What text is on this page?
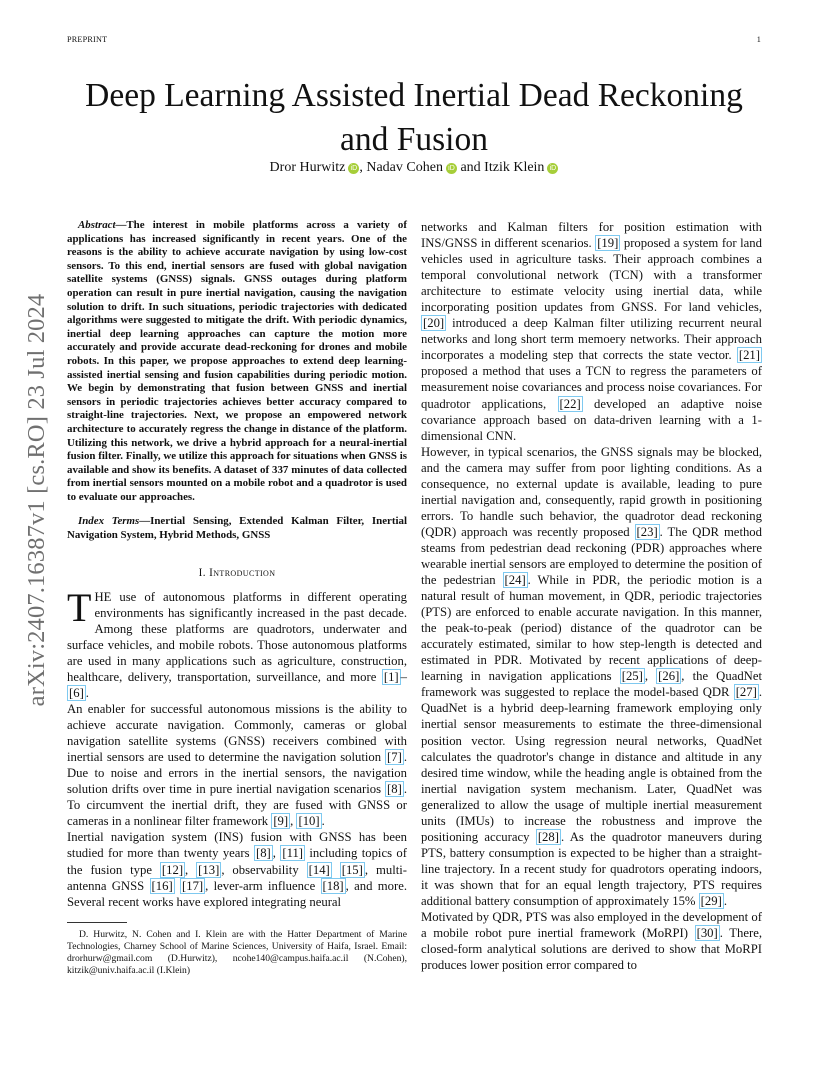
PREPRINT	1
arXiv:2407.16387v1 [cs.RO] 23 Jul 2024
Deep Learning Assisted Inertial Dead Reckoning and Fusion
Dror Hurwitz iD , Nadav Cohen iD and Itzik Klein iD

Abstract—The interest in mobile platforms across a variety of applications has increased significantly in recent years. One of the reasons is the ability to achieve accurate navigation by using low-cost sensors. To this end, inertial sensors are fused with global navigation satellite systems (GNSS) signals. GNSS outages during platform operation can result in pure inertial navigation, causing the navigation solution to drift. In such situations, periodic trajectories with dedicated algorithms were suggested to mitigate the drift. With periodic dynamics, inertial deep learning approaches can capture the motion more accurately and provide accurate dead-reckoning for drones and mobile robots. In this paper, we propose approaches to extend deep learning-assisted inertial sensing and fusion capabilities during periodic motion. We begin by demonstrating that fusion between GNSS and inertial sensors in periodic trajectories achieves better accuracy compared to straight-line trajectories. Next, we propose an empowered network architecture to accurately regress the change in distance of the platform. Utilizing this network, we drive a hybrid approach for a neural-inertial fusion filter. Finally, we utilize this approach for situations when GNSS is available and show its benefits. A dataset of 337 minutes of data collected from inertial sensors mounted on a mobile robot and a quadrotor is used to evaluate our approaches.

Index Terms—Inertial Sensing, Extended Kalman Filter, Inertial Navigation System, Hybrid Methods, GNSS

I. Introduction

THE use of autonomous platforms in different operating environments has significantly increased in the past decade. Among these platforms are quadrotors, underwater and surface vehicles, and mobile robots. Those autonomous platforms are used in many applications such as agriculture, construction, healthcare, delivery, transportation, surveillance, and more [1] –[6] .

An enabler for successful autonomous missions is the ability to achieve accurate navigation. Commonly, cameras or global navigation satellite systems (GNSS) receivers combined with inertial sensors are used to determine the navigation solution [7] . Due to noise and errors in the inertial sensors, the navigation solution drifts over time in pure inertial navigation scenarios [8] . To circumvent the inertial drift, they are fused with GNSS or cameras in a nonlinear filter framework [9] , [10] .

Inertial navigation system (INS) fusion with GNSS has been studied for more than twenty years [8] , [11] including topics of the fusion type [12] , [13] , observability [14] [15] , multi-antenna GNSS [16] [17] , lever-arm influence [18] , and more. Several recent works have explored integrating neural

D. Hurwitz, N. Cohen and I. Klein are with the Hatter Department of Marine Technologies, Charney School of Marine Sciences, University of Haifa, Israel. Email: drorhurw@gmail.com (D.Hurwitz), ncohe140@campus.haifa.ac.il (N.Cohen), kitzik@univ.haifa.ac.il (I.Klein)

networks and Kalman filters for position estimation with INS/GNSS in different scenarios. [19] proposed a system for land vehicles used in agriculture tasks. Their approach combines a temporal convolutional network (TCN) with a transformer architecture to estimate velocity using inertial data, while incorporating position updates from GNSS. For land vehicles, [20] introduced a deep Kalman filter utilizing recurrent neural networks and long short term memoery networks. Their approach incorporates a modeling step that corrects the state vector. [21] proposed a method that uses a TCN to regress the parameters of measurement noise covariances and process noise covariances. For quadrotor applications, [22] developed an adaptive noise covariance approach based on data-driven learning with a 1-dimensional CNN.

However, in typical scenarios, the GNSS signals may be blocked, and the camera may suffer from poor lighting conditions. As a consequence, no external update is available, leading to pure inertial navigation and, consequently, rapid growth in positioning errors. To handle such behavior, the quadrotor dead reckoning (QDR) approach was recently proposed [23] . The QDR method steams from pedestrian dead reckoning (PDR) approaches where wearable inertial sensors are employed to determine the position of the pedestrian [24] . While in PDR, the periodic motion is a natural result of human movement, in QDR, periodic trajectories (PTS) are enforced to enable accurate navigation. In this manner, the peak-to-peak (period) distance of the quadrotor can be accurately estimated, similar to how step-length is detected and estimated in PDR. Motivated by recent applications of deep-learning in navigation applications [25] , [26] , the QuadNet framework was suggested to replace the model-based QDR [27] . QuadNet is a hybrid deep-learning framework employing only inertial sensor measurements to estimate the three-dimensional position vector. Using regression neural networks, QuadNet calculates the quadrotor's change in distance and altitude in any desired time window, while the heading angle is obtained from the inertial navigation system mechanism. Later, QuadNet was generalized to allow the usage of multiple inertial measurement units (IMUs) to increase the robustness and improve the positioning accuracy [28] . As the quadrotor maneuvers during PTS, battery consumption is expected to be higher than a straight-line trajectory. In a recent study for quadrotors operating indoors, it was shown that for an equal length trajectory, PTS requires additional battery consumption of approximately 15% [29] .

Motivated by QDR, PTS was also employed in the development of a mobile robot pure inertial framework (MoRPI) [30] . There, closed-form analytical solutions are derived to show that MoRPI produces lower position error compared to
